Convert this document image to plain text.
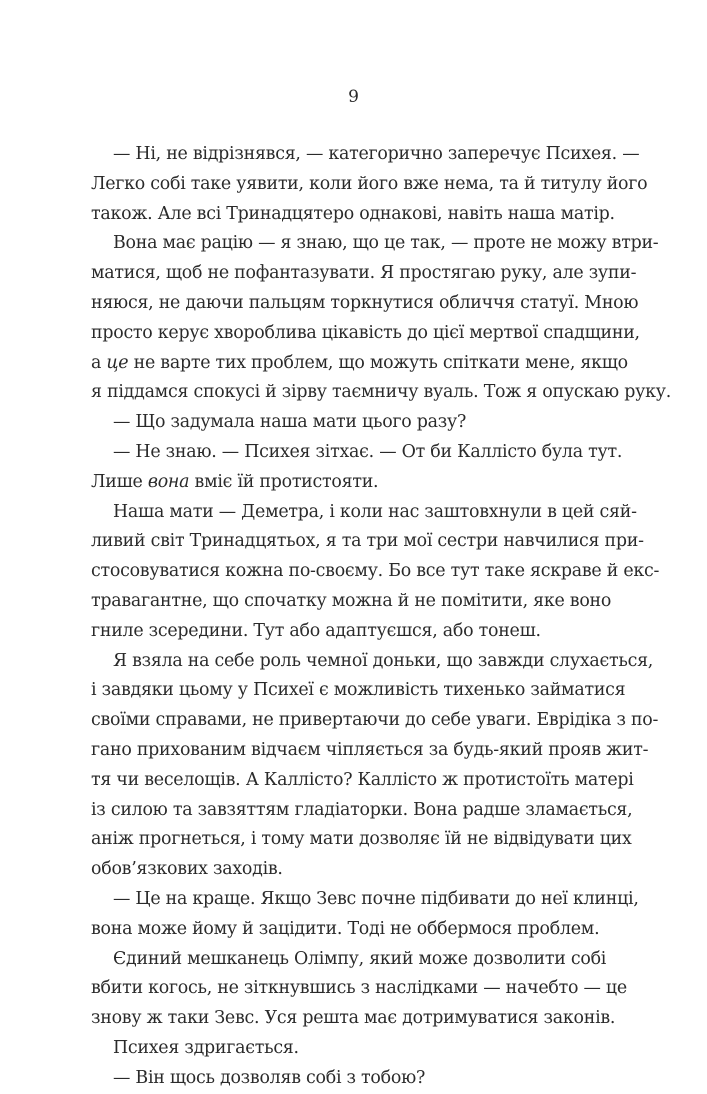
9

— Ні, не відрізнявся, — категорично заперечує Психея. —

Легко собі таке уявити, коли його вже нема, та й титулу його

також. Але всі Тринадцятеро однакові, навіть наша матір.

Вона має рацію — я знаю, що це так, — проте не можу втри-

матися, щоб не пофантазувати. Я простягаю руку, але зупи-

няюся, не даючи пальцям торкнутися обличчя статуї. Мною

просто керує хвороблива цікавість до цієї мертвої спадщини,

а це не варте тих проблем, що можуть спіткати мене, якщо

я піддамся спокусі й зірву таємничу вуаль. Тож я опускаю руку.

— Що задумала наша мати цього разу?

— Не знаю. — Психея зітхає. — От би Каллісто була тут.

Лише вона вміє їй протистояти.

Наша мати — Деметра, і коли нас заштовхнули в цей сяй-

ливий світ Тринадцятьох, я та три мої сестри навчилися при-

стосовуватися кожна по-своєму. Бо все тут таке яскраве й екс-

травагантне, що спочатку можна й не помітити, яке воно

гниле зсередини. Тут або адаптуєшся, або тонеш.

Я взяла на себе роль чемної доньки, що завжди слухається,

і завдяки цьому у Психеї є можливість тихенько займатися

своїми справами, не привертаючи до себе уваги. Еврідіка з по-

гано прихованим відчаєм чіпляється за будь-який прояв жит-

тя чи веселощів. А Каллісто? Каллісто ж протистоїть матері

із силою та завзяттям гладіаторки. Вона радше зламається,

аніж прогнеться, і тому мати дозволяє їй не відвідувати цих

обов’язкових заходів.

— Це на краще. Якщо Зевс почне підбивати до неї клинці,

вона може йому й зацідити. Тоді не оббермося проблем.

Єдиний мешканець Олімпу, який може дозволити собі

вбити когось, не зіткнувшись з наслідками — начебто — це

знову ж таки Зевс. Уся решта має дотримуватися законів.

Психея здригається.

— Він щось дозволяв собі з тобою?
